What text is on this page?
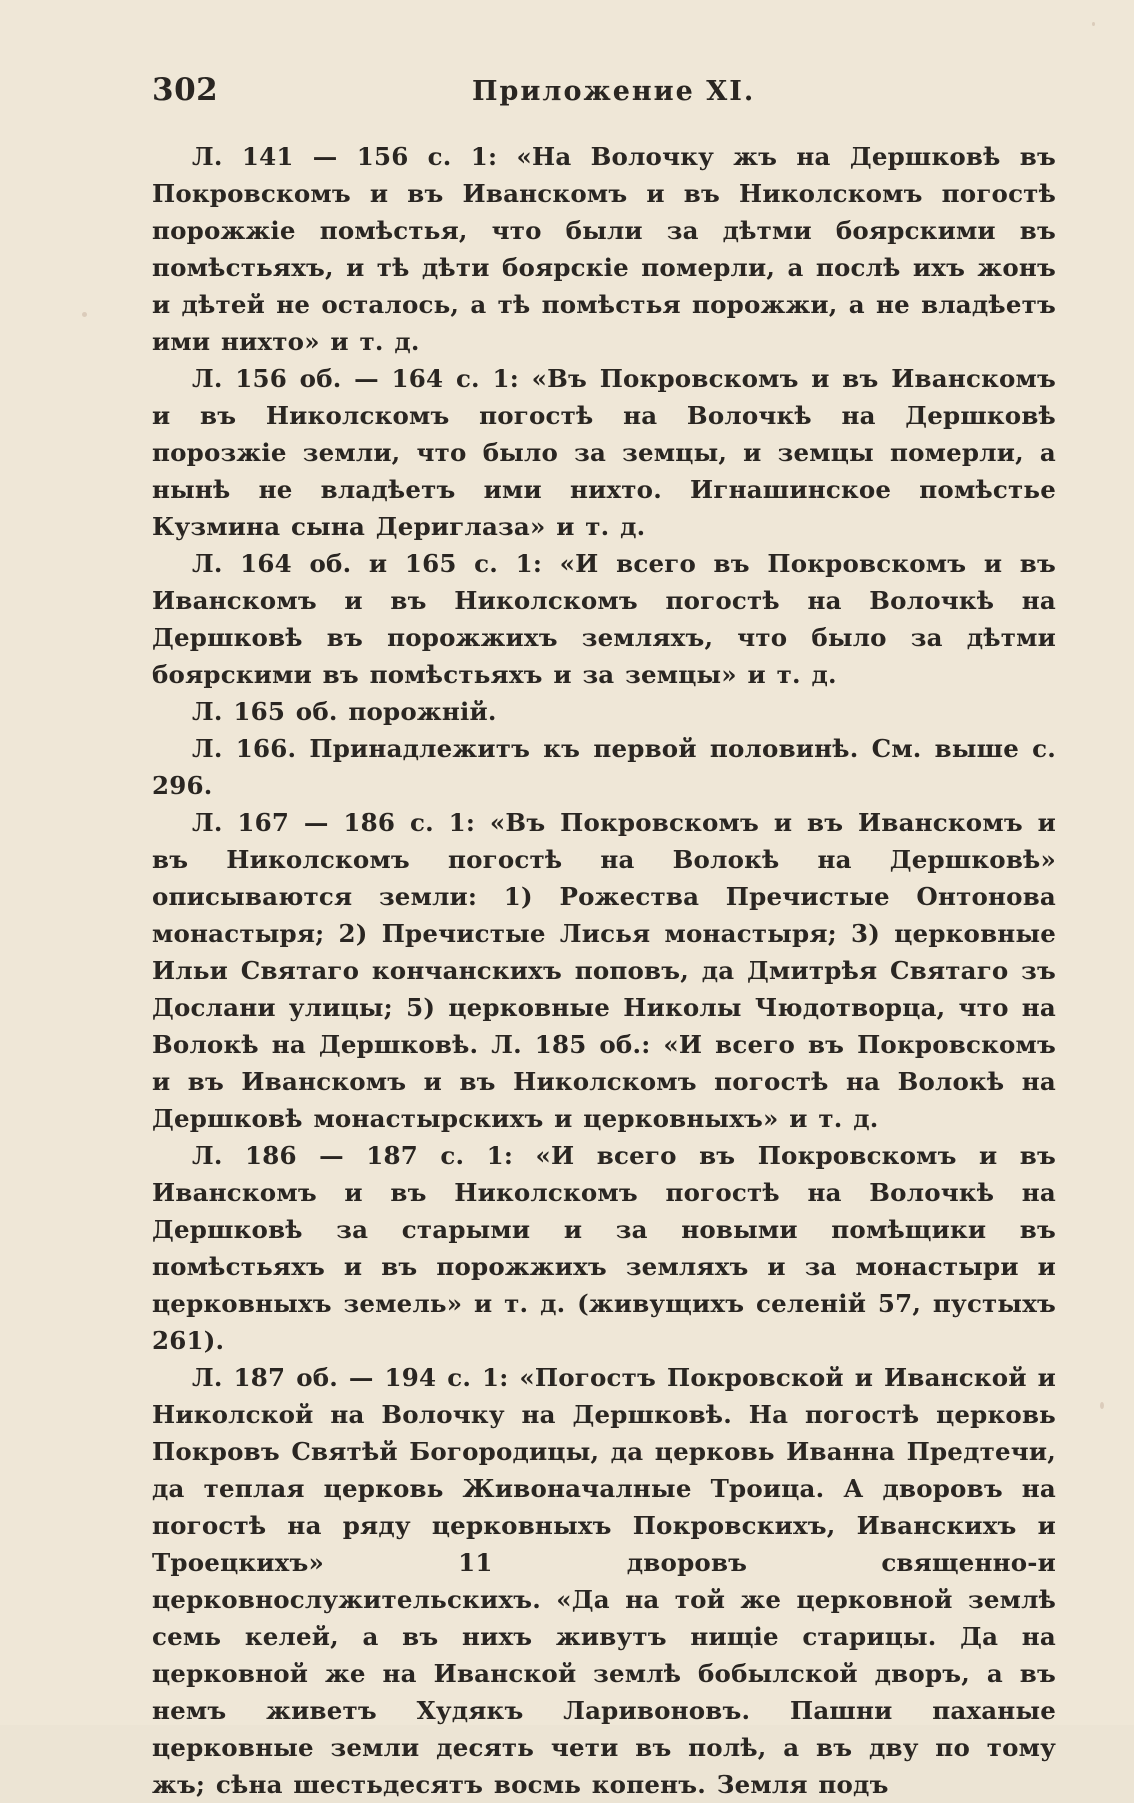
302	Приложение XI.

Л. 141 — 156 с. 1: «На Волочку жъ на Дершковѣ въ Покровскомъ и въ Иванскомъ и въ Николскомъ погостѣ порожжіе помѣстья, что были за дѣтми боярскими въ помѣстьяхъ, и тѣ дѣти боярскіе померли, а послѣ ихъ жонъ и дѣтей не осталось, а тѣ помѣстья порожжи, а не владѣетъ ими нихто» и т. д.

Л. 156 об. — 164 с. 1: «Въ Покровскомъ и въ Иванскомъ и въ Николскомъ погостѣ на Волочкѣ на Дершковѣ порозжіе земли, что было за земцы, и земцы померли, а нынѣ не владѣетъ ими нихто. Игнашинское помѣстье Кузмина сына Дериглаза» и т. д.

Л. 164 об. и 165 с. 1: «И всего въ Покровскомъ и въ Иванскомъ и въ Николскомъ погостѣ на Волочкѣ на Дершковѣ въ порожжихъ земляхъ, что было за дѣтми боярскими въ помѣстьяхъ и за земцы» и т. д.

Л. 165 об. порожній.

Л. 166. Принадлежитъ къ первой половинѣ. См. выше с. 296.

Л. 167 — 186 с. 1: «Въ Покровскомъ и въ Иванскомъ и въ Николскомъ погостѣ на Волокѣ на Дершковѣ» описываются земли: 1) Рожества Пречистые Онтонова монастыря; 2) Пречистые Лисья монастыря; 3) церковные Ильи Святаго кончанскихъ поповъ, да Дмитрѣя Святаго зъ Дослани улицы; 5) церковные Николы Чюдотворца, что на Волокѣ на Дершковѣ. Л. 185 об.: «И всего въ Покровскомъ и въ Иванскомъ и въ Николскомъ погостѣ на Волокѣ на Дершковѣ монастырскихъ и церковныхъ» и т. д.

Л. 186 — 187 с. 1: «И всего въ Покровскомъ и въ Иванскомъ и въ Николскомъ погостѣ на Волочкѣ на Дершковѣ за старыми и за новыми помѣщики въ помѣстьяхъ и въ порожжихъ земляхъ и за монастыри и церковныхъ земель» и т. д. (живущихъ селеній 57, пустыхъ 261).

Л. 187 об. — 194 с. 1: «Погостъ Покровской и Иванской и Николской на Волочку на Дершковѣ. На погостѣ церковь Покровъ Святѣй Богородицы, да церковь Иванна Предтечи, да теплая церковь Живоначалные Троица. А дворовъ на погостѣ на ряду церковныхъ Покровскихъ, Иванскихъ и Троецкихъ» 11 дворовъ священно-и церковнослужительскихъ. «Да на той же церковной землѣ семь келей, а въ нихъ живутъ нищіе старицы. Да на церковной же на Иванской землѣ бобылской дворъ, а въ немъ живетъ Худякъ Ларивоновъ. Пашни паханые церковные земли десять чети въ полѣ, а въ дву по тому жъ; сѣна шестьдесятъ восмь копенъ. Земля подъ
